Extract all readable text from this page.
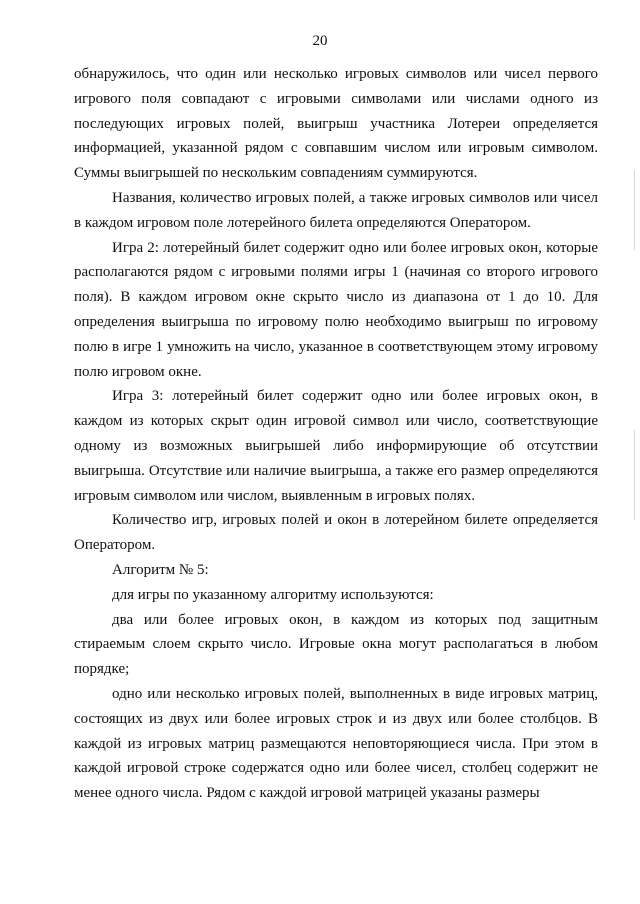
20

обнаружилось, что один или несколько игровых символов или чисел первого игрового поля совпадают с игровыми символами или числами одного из последующих игровых полей, выигрыш участника Лотереи определяется информацией, указанной рядом с совпавшим числом или игровым символом. Суммы выигрышей по нескольким совпадениям суммируются.

Названия, количество игровых полей, а также игровых символов или чисел в каждом игровом поле лотерейного билета определяются Оператором.

Игра 2: лотерейный билет содержит одно или более игровых окон, которые располагаются рядом с игровыми полями игры 1 (начиная со второго игрового поля). В каждом игровом окне скрыто число из диапазона от 1 до 10. Для определения выигрыша по игровому полю необходимо выигрыш по игровому полю в игре 1 умножить на число, указанное в соответствующем этому игровому полю игровом окне.

Игра 3: лотерейный билет содержит одно или более игровых окон, в каждом из которых скрыт один игровой символ или число, соответствующие одному из возможных выигрышей либо информирующие об отсутствии выигрыша. Отсутствие или наличие выигрыша, а также его размер определяются игровым символом или числом, выявленным в игровых полях.

Количество игр, игровых полей и окон в лотерейном билете определяется Оператором.

Алгоритм № 5:

для игры по указанному алгоритму используются:

два или более игровых окон, в каждом из которых под защитным стираемым слоем скрыто число. Игровые окна могут располагаться в любом порядке;

одно или несколько игровых полей, выполненных в виде игровых матриц, состоящих из двух или более игровых строк и из двух или более столбцов. В каждой из игровых матриц размещаются неповторяющиеся числа. При этом в каждой игровой строке содержатся одно или более чисел, столбец содержит не менее одного числа. Рядом с каждой игровой матрицей указаны размеры
